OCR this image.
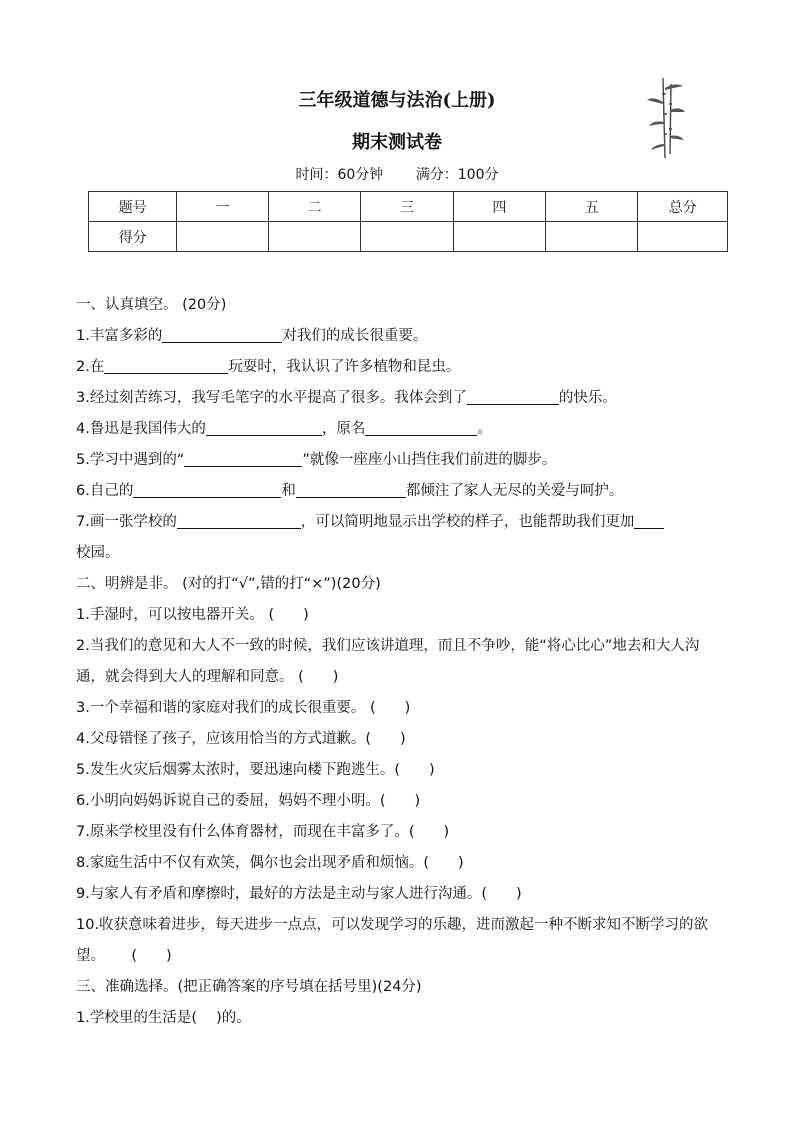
三年级道德与法治(上册)
期末测试卷
时间：60分钟 满分：100分
题号	一	二	三	四	五	总分
得分						
一、认真填空。 (20分)
1.丰富多彩的	对我们的成长很重要。
2.在	玩耍时，我认识了许多植物和昆虫。
3.经过刻苦练习，我写毛笔字的水平提高了很多。我体会到了	的快乐。
4.鲁迅是我国伟大的	，原名	。
5.学习中遇到的“	”就像一座座小山挡住我们前进的脚步。
6.自己的	和	都倾注了家人无尽的关爱与呵护。
7.画一张学校的	，可以简明地显示出学校的样子，也能帮助我们更加
校园。
二、明辨是非。 (对的打“√”,错的打“×”)(20分)
1.手湿时，可以按电器开关。 (　　)
2.当我们的意见和大人不一致的时候，我们应该讲道理，而且不争吵，能“将心比心”地去和大人沟通，就会得到大人的理解和同意。 (　　)
3.一个幸福和谐的家庭对我们的成长很重要。 (　　)
4.父母错怪了孩子，应该用恰当的方式道歉。(　　)
5.发生火灾后烟雾太浓时，要迅速向楼下跑逃生。(　　)
6.小明向妈妈诉说自己的委屈，妈妈不理小明。(　　)
7.原来学校里没有什么体育器材，而现在丰富多了。(　　)
8.家庭生活中不仅有欢笑，偶尔也会出现矛盾和烦恼。(　　)
9.与家人有矛盾和摩擦时，最好的方法是主动与家人进行沟通。(　　)
10.收获意味着进步，每天进步一点点，可以发现学习的乐趣，进而激起一种不断求知不断学习的欲望。　　 (　　)
三、准确选择。(把正确答案的序号填在括号里)(24分)
1.学校里的生活是(　 )的。
